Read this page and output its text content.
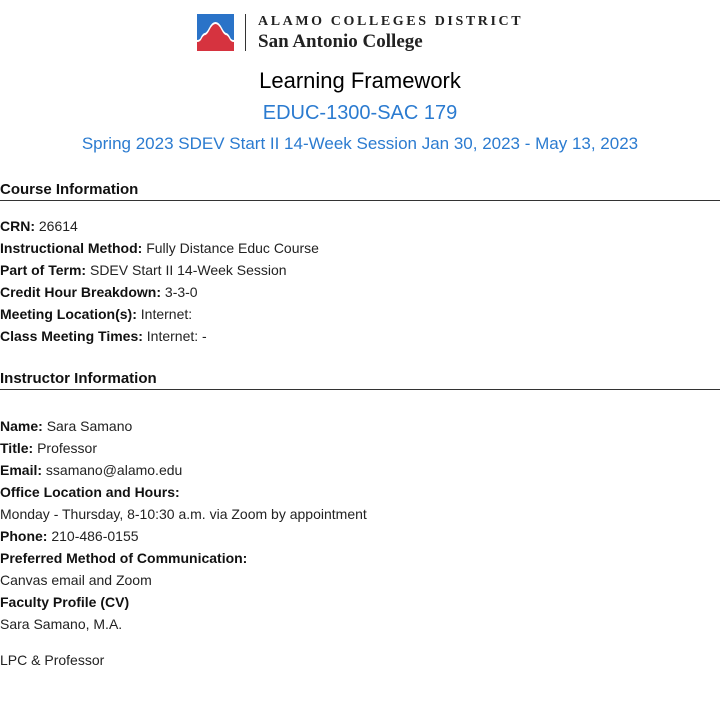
ALAMO COLLEGES DISTRICT
San Antonio College
Learning Framework
EDUC-1300-SAC 179
Spring 2023 SDEV Start II 14-Week Session Jan 30, 2023 - May 13, 2023
Course Information
CRN: 26614
Instructional Method: Fully Distance Educ Course
Part of Term: SDEV Start II 14-Week Session
Credit Hour Breakdown: 3-3-0
Meeting Location(s): Internet:
Class Meeting Times: Internet: -
Instructor Information
Name: Sara Samano
Title: Professor
Email: ssamano@alamo.edu
Office Location and Hours:
Monday - Thursday, 8-10:30 a.m. via Zoom by appointment
Phone: 210-486-0155
Preferred Method of Communication:
Canvas email and Zoom
Faculty Profile (CV)
Sara Samano, M.A.
LPC & Professor
